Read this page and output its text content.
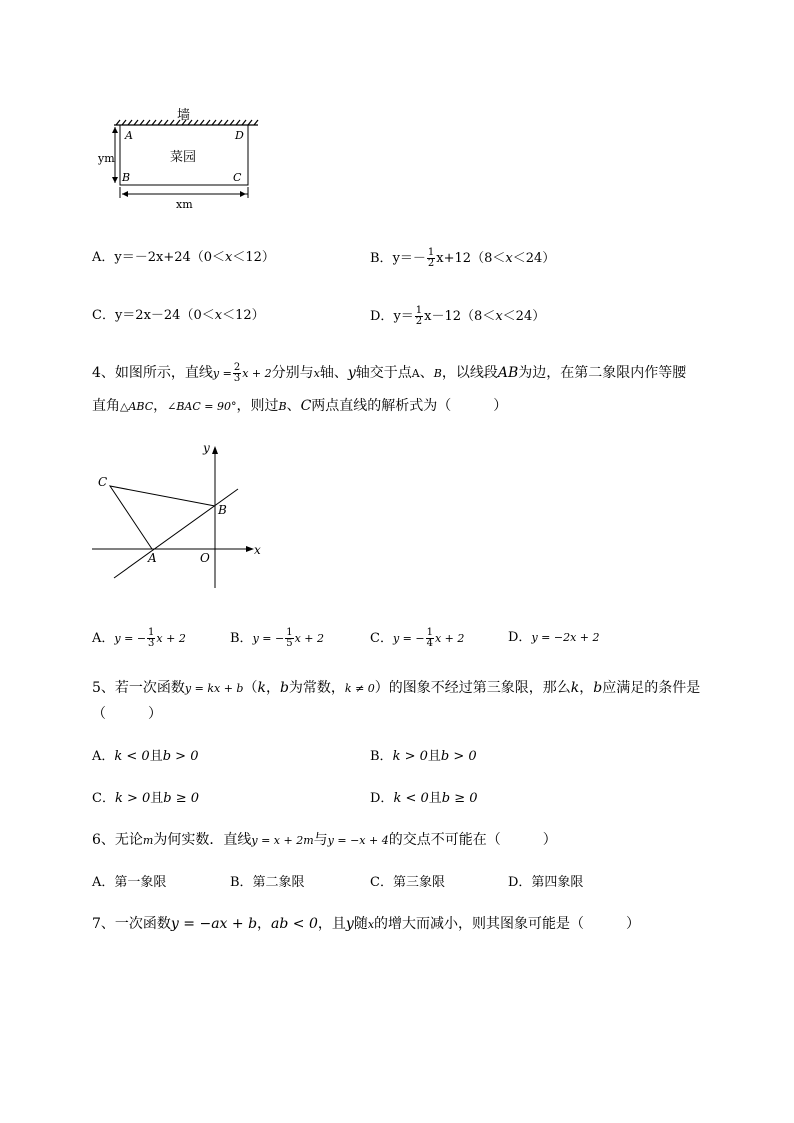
墙
菜园
A	D
B	C
ym
xm
A．y＝－2x+24（0＜x＜12）	B．$y=- \frac{1}{2} x+12(8<x<24)$
C．y＝2x－24（0＜x＜12）	D．$y= \frac{1}{2} x-12(8<x<24)$
4、如图所示，直线$y = \frac{2}{3}$ x + 2分别与x轴、y轴交于点A、B，以线段AB为边，在第二象限内作等腰
直角△ABC，∠BAC = 90°，则过B、C两点直线的解析式为（　　　）
y
x
C
B
A	O
A．y = − $\frac{1}{3}$ x + 2	B．y = − $\frac{1}{5}$ x + 2	C．y = − $\frac{1}{4}$ x + 2	D．y = −2x + 2
5、若一次函数y = kx + b（k，b为常数，k ≠ 0）的图象不经过第三象限，那么k，b应满足的条件是
（　　　）
A．k < 0且b > 0	B．k > 0且b > 0
C．k > 0且b ≥ 0	D．k < 0且b ≥ 0
6、无论m为何实数．直线y = x + 2m与y = −x + 4的交点不可能在（　　　）
A．第一象限	B．第二象限	C．第三象限	D．第四象限
7、一次函数y = −ax + b，ab < 0，且y随x的增大而减小，则其图象可能是（　　　）
